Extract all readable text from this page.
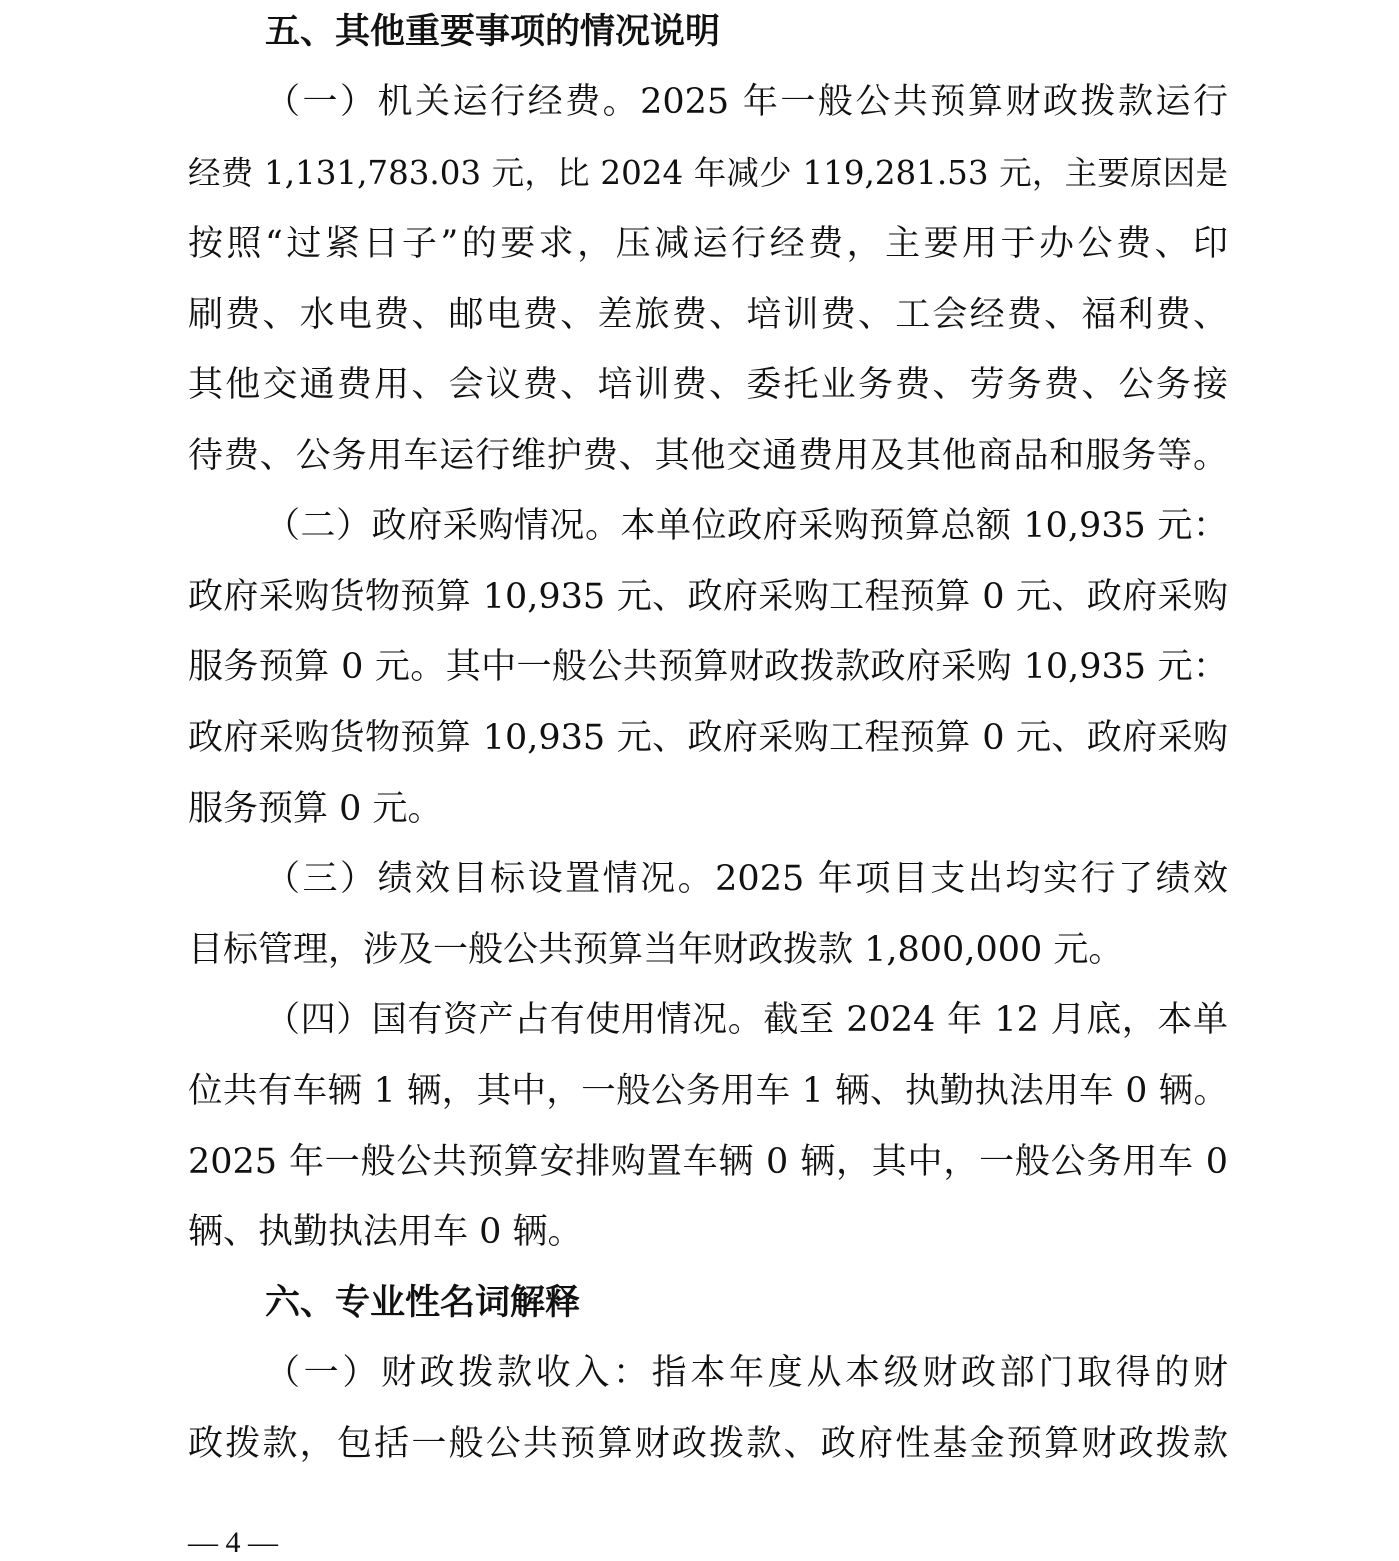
五、其他重要事项的情况说明
（一）机关运行经费。2025 年一般公共预算财政拨款运行
经费 1,131,783.03 元，比 2024 年减少 119,281.53 元，主要原因是
按照“过紧日子”的要求，压减运行经费，主要用于办公费、印
刷费、水电费、邮电费、差旅费、培训费、工会经费、福利费、
其他交通费用、会议费、培训费、委托业务费、劳务费、公务接
待费、公务用车运行维护费、其他交通费用及其他商品和服务等。
（二）政府采购情况。本单位政府采购预算总额 10,935 元：
政府采购货物预算 10,935 元、政府采购工程预算 0 元、政府采购
服务预算 0 元。其中一般公共预算财政拨款政府采购 10,935 元：
政府采购货物预算 10,935 元、政府采购工程预算 0 元、政府采购
服务预算 0 元。
（三）绩效目标设置情况。2025 年项目支出均实行了绩效
目标管理，涉及一般公共预算当年财政拨款 1,800,000 元。
（四）国有资产占有使用情况。截至 2024 年 12 月底，本单
位共有车辆 1 辆，其中，一般公务用车 1 辆、执勤执法用车 0 辆。
2025 年一般公共预算安排购置车辆 0 辆，其中，一般公务用车 0
辆、执勤执法用车 0 辆。
六、专业性名词解释
（一）财政拨款收入：指本年度从本级财政部门取得的财
政拨款，包括一般公共预算财政拨款、政府性基金预算财政拨款
— 4 —
